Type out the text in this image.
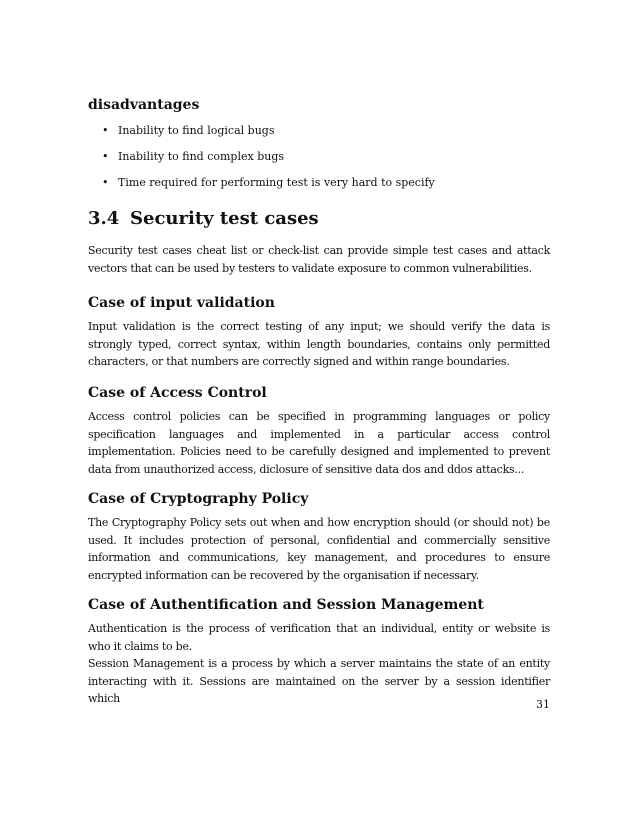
disadvantages

• Inability to find logical bugs
• Inability to find complex bugs
• Time required for performing test is very hard to specify
3.4 Security test cases

Security test cases cheat list or check-list can provide simple test cases and attack vectors that can be used by testers to validate exposure to common vulnerabilities.

Case of input validation

Input validation is the correct testing of any input; we should verify the data is strongly typed, correct syntax, within length boundaries, contains only permitted characters, or that numbers are correctly signed and within range boundaries.

Case of Access Control

Access control policies can be specified in programming languages or policy specification languages and implemented in a particular access control implementation. Policies need to be carefully designed and implemented to prevent data from unauthorized access, diclosure of sensitive data dos and ddos attacks...

Case of Cryptography Policy

The Cryptography Policy sets out when and how encryption should (or should not) be used. It includes protection of personal, confidential and commercially sensitive information and communications, key management, and procedures to ensure encrypted information can be recovered by the organisation if necessary.

Case of Authentification and Session Management

Authentication is the process of verification that an individual, entity or website is who it claims to be.

Session Management is a process by which a server maintains the state of an entity interacting with it. Sessions are maintained on the server by a session identifier which	31
